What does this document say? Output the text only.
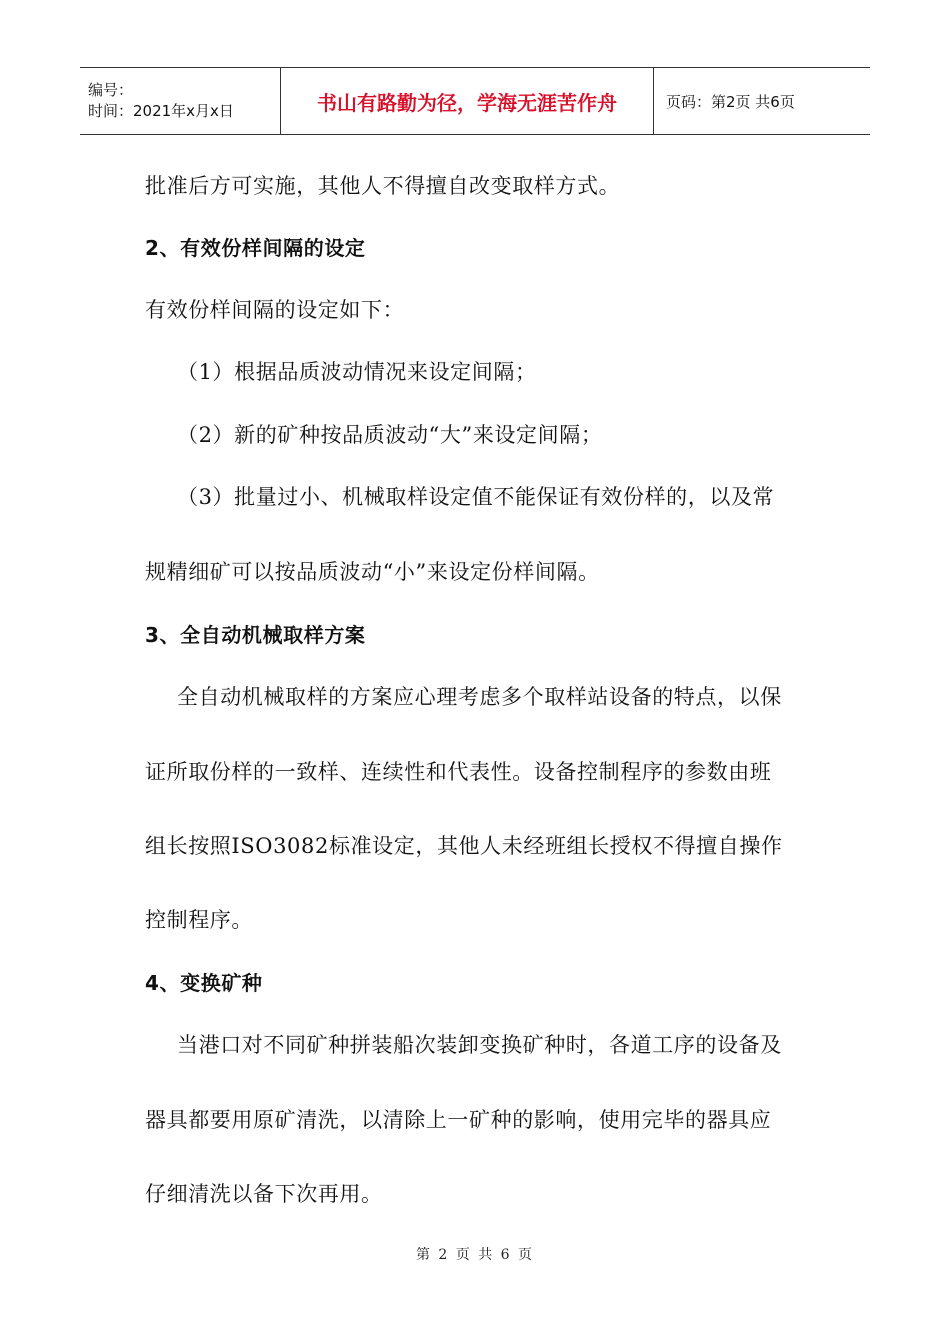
编号：
时间：2021年x月x日	书山有路勤为径，学海无涯苦作舟	页码：第2页 共6页
批准后方可实施，其他人不得擅自改变取样方式。
2、有效份样间隔的设定
有效份样间隔的设定如下：
（1）根据品质波动情况来设定间隔；
（2）新的矿种按品质波动“大”来设定间隔；
（3）批量过小、机械取样设定值不能保证有效份样的，以及常
规精细矿可以按品质波动“小”来设定份样间隔。
3、全自动机械取样方案
全自动机械取样的方案应心理考虑多个取样站设备的特点，以保
证所取份样的一致样、连续性和代表性。设备控制程序的参数由班
组长按照ISO3082标准设定，其他人未经班组长授权不得擅自操作
控制程序。
4、变换矿种
当港口对不同矿种拼装船次装卸变换矿种时，各道工序的设备及
器具都要用原矿清洗，以清除上一矿种的影响，使用完毕的器具应
仔细清洗以备下次再用。
第 2 页 共 6 页
